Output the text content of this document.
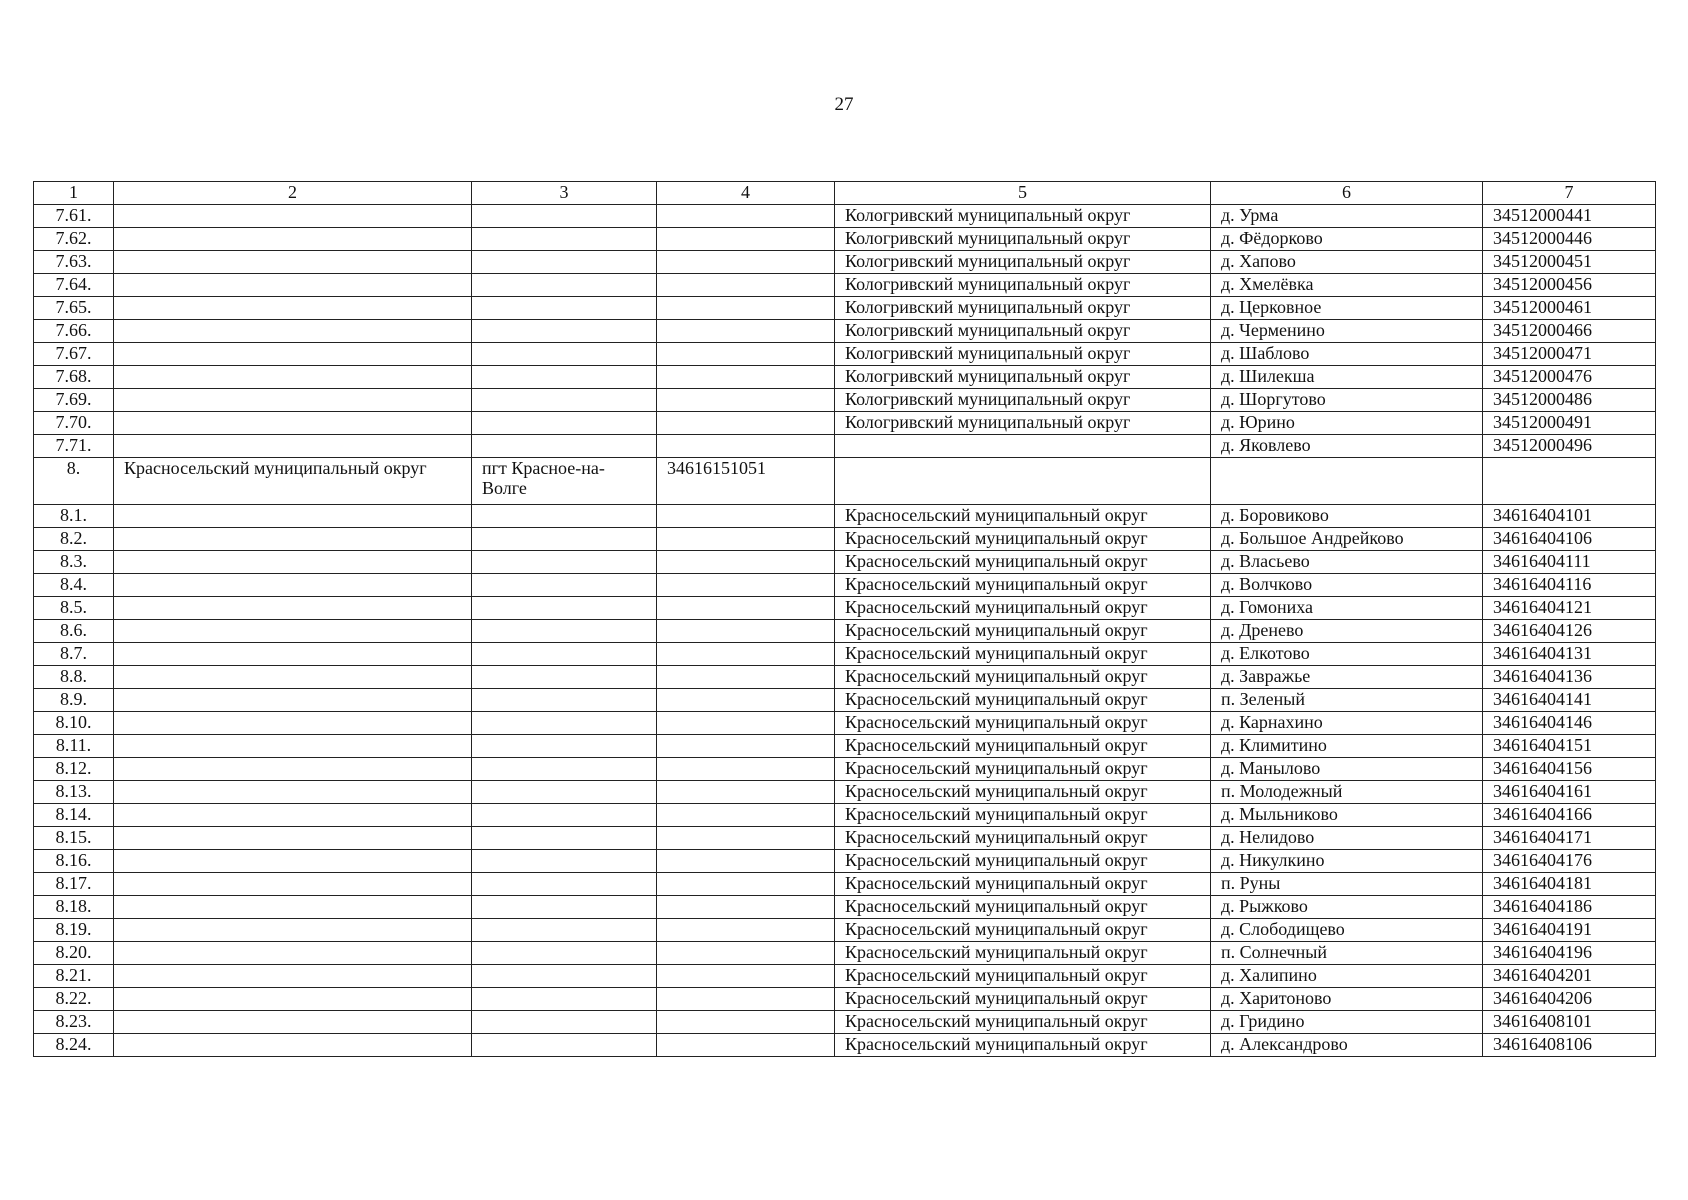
27
1	2	3	4	5	6	7
7.61.				Кологривский муниципальный округ	д. Урма	34512000441
7.62.				Кологривский муниципальный округ	д. Фёдорково	34512000446
7.63.				Кологривский муниципальный округ	д. Хапово	34512000451
7.64.				Кологривский муниципальный округ	д. Хмелёвка	34512000456
7.65.				Кологривский муниципальный округ	д. Церковное	34512000461
7.66.				Кологривский муниципальный округ	д. Черменино	34512000466
7.67.				Кологривский муниципальный округ	д. Шаблово	34512000471
7.68.				Кологривский муниципальный округ	д. Шилекша	34512000476
7.69.				Кологривский муниципальный округ	д. Шоргутово	34512000486
7.70.				Кологривский муниципальный округ	д. Юрино	34512000491
7.71.					д. Яковлево	34512000496
8.	Красносельский муниципальный округ	пгт Красное-на-Волге	34616151051			
8.1.				Красносельский муниципальный округ	д. Боровиково	34616404101
8.2.				Красносельский муниципальный округ	д. Большое Андрейково	34616404106
8.3.				Красносельский муниципальный округ	д. Власьево	34616404111
8.4.				Красносельский муниципальный округ	д. Волчково	34616404116
8.5.				Красносельский муниципальный округ	д. Гомониха	34616404121
8.6.				Красносельский муниципальный округ	д. Дренево	34616404126
8.7.				Красносельский муниципальный округ	д. Елкотово	34616404131
8.8.				Красносельский муниципальный округ	д. Завражье	34616404136
8.9.				Красносельский муниципальный округ	п. Зеленый	34616404141
8.10.				Красносельский муниципальный округ	д. Карнахино	34616404146
8.11.				Красносельский муниципальный округ	д. Климитино	34616404151
8.12.				Красносельский муниципальный округ	д. Манылово	34616404156
8.13.				Красносельский муниципальный округ	п. Молодежный	34616404161
8.14.				Красносельский муниципальный округ	д. Мыльниково	34616404166
8.15.				Красносельский муниципальный округ	д. Нелидово	34616404171
8.16.				Красносельский муниципальный округ	д. Никулкино	34616404176
8.17.				Красносельский муниципальный округ	п. Руны	34616404181
8.18.				Красносельский муниципальный округ	д. Рыжково	34616404186
8.19.				Красносельский муниципальный округ	д. Слободищево	34616404191
8.20.				Красносельский муниципальный округ	п. Солнечный	34616404196
8.21.				Красносельский муниципальный округ	д. Халипино	34616404201
8.22.				Красносельский муниципальный округ	д. Харитоново	34616404206
8.23.				Красносельский муниципальный округ	д. Гридино	34616408101
8.24.				Красносельский муниципальный округ	д. Александрово	34616408106
